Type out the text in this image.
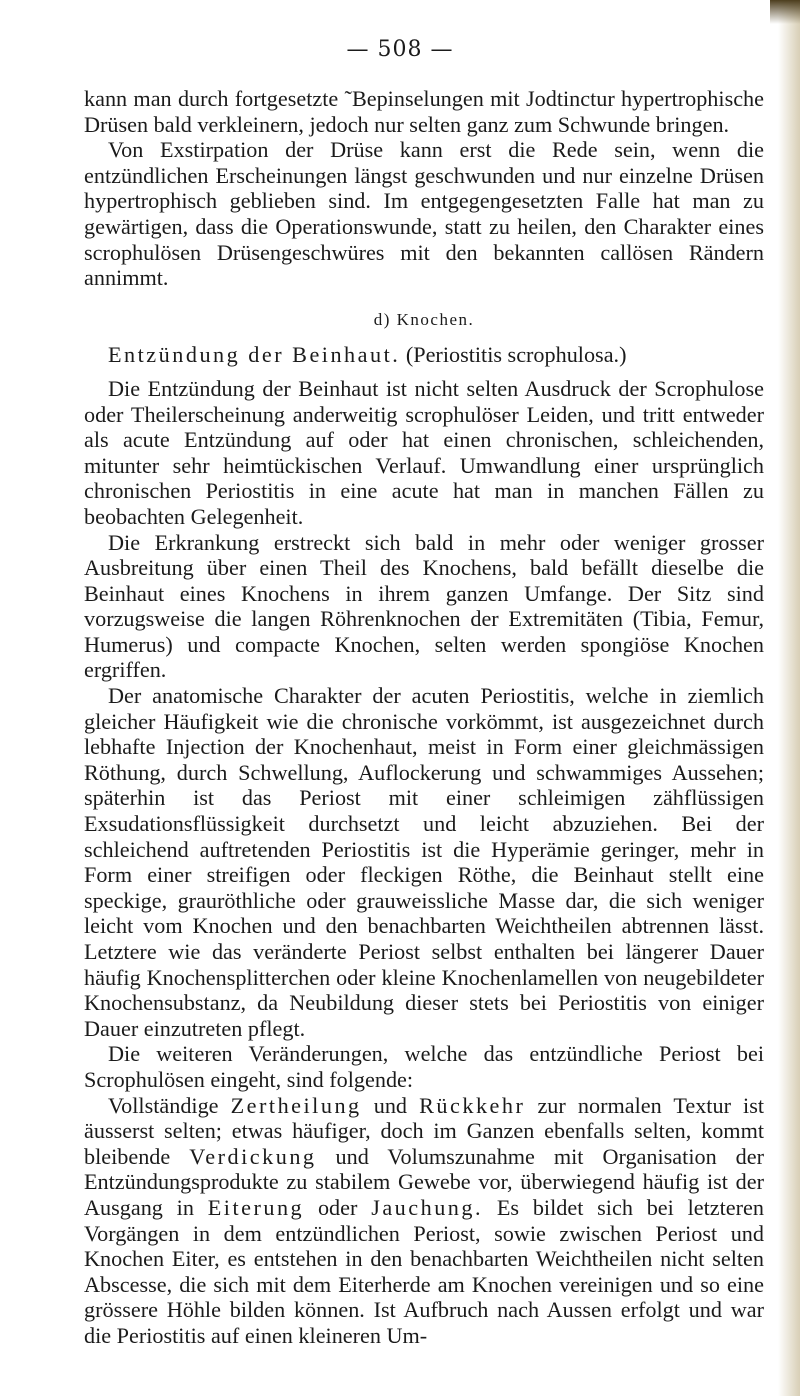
— 508 —

kann man durch fortgesetzte ˜Bepinselungen mit Jodtinctur hypertrophische Drüsen bald verkleinern, jedoch nur selten ganz zum Schwunde bringen.

Von Exstirpation der Drüse kann erst die Rede sein, wenn die entzündlichen Erscheinungen längst geschwunden und nur einzelne Drüsen hypertrophisch geblieben sind. Im entgegengesetzten Falle hat man zu gewärtigen, dass die Operationswunde, statt zu heilen, den Charakter eines scrophulösen Drüsengeschwüres mit den bekannten callösen Rändern annimmt.

d) Knochen.

Entzündung der Beinhaut. (Periostitis scrophulosa.)

Die Entzündung der Beinhaut ist nicht selten Ausdruck der Scrophulose oder Theilerscheinung anderweitig scrophulöser Leiden, und tritt entweder als acute Entzündung auf oder hat einen chronischen, schleichenden, mitunter sehr heimtückischen Verlauf. Umwandlung einer ursprünglich chronischen Periostitis in eine acute hat man in manchen Fällen zu beobachten Gelegenheit.

Die Erkrankung erstreckt sich bald in mehr oder weniger grosser Ausbreitung über einen Theil des Knochens, bald befällt dieselbe die Beinhaut eines Knochens in ihrem ganzen Umfange. Der Sitz sind vorzugsweise die langen Röhrenknochen der Extremitäten (Tibia, Femur, Humerus) und compacte Knochen, selten werden spongiöse Knochen ergriffen.

Der anatomische Charakter der acuten Periostitis, welche in ziemlich gleicher Häufigkeit wie die chronische vorkömmt, ist ausgezeichnet durch lebhafte Injection der Knochenhaut, meist in Form einer gleichmässigen Röthung, durch Schwellung, Auflockerung und schwammiges Aussehen; späterhin ist das Periost mit einer schleimigen zähflüssigen Exsudationsflüssigkeit durchsetzt und leicht abzuziehen. Bei der schleichend auftretenden Periostitis ist die Hyperämie geringer, mehr in Form einer streifigen oder fleckigen Röthe, die Beinhaut stellt eine speckige, grauröthliche oder grauweissliche Masse dar, die sich weniger leicht vom Knochen und den benachbarten Weichtheilen abtrennen lässt. Letztere wie das veränderte Periost selbst enthalten bei längerer Dauer häufig Knochensplitterchen oder kleine Knochenlamellen von neugebildeter Knochensubstanz, da Neubildung dieser stets bei Periostitis von einiger Dauer einzutreten pflegt.

Die weiteren Veränderungen, welche das entzündliche Periost bei Scrophulösen eingeht, sind folgende:

Vollständige Zertheilung und Rückkehr zur normalen Textur ist äusserst selten; etwas häufiger, doch im Ganzen ebenfalls selten, kommt bleibende Verdickung und Volumszunahme mit Organisation der Entzündungsprodukte zu stabilem Gewebe vor, überwiegend häufig ist der Ausgang in Eiterung oder Jauchung. Es bildet sich bei letzteren Vorgängen in dem entzündlichen Periost, sowie zwischen Periost und Knochen Eiter, es entstehen in den benachbarten Weichtheilen nicht selten Abscesse, die sich mit dem Eiterherde am Knochen vereinigen und so eine grössere Höhle bilden können. Ist Aufbruch nach Aussen erfolgt und war die Periostitis auf einen kleineren Um-
